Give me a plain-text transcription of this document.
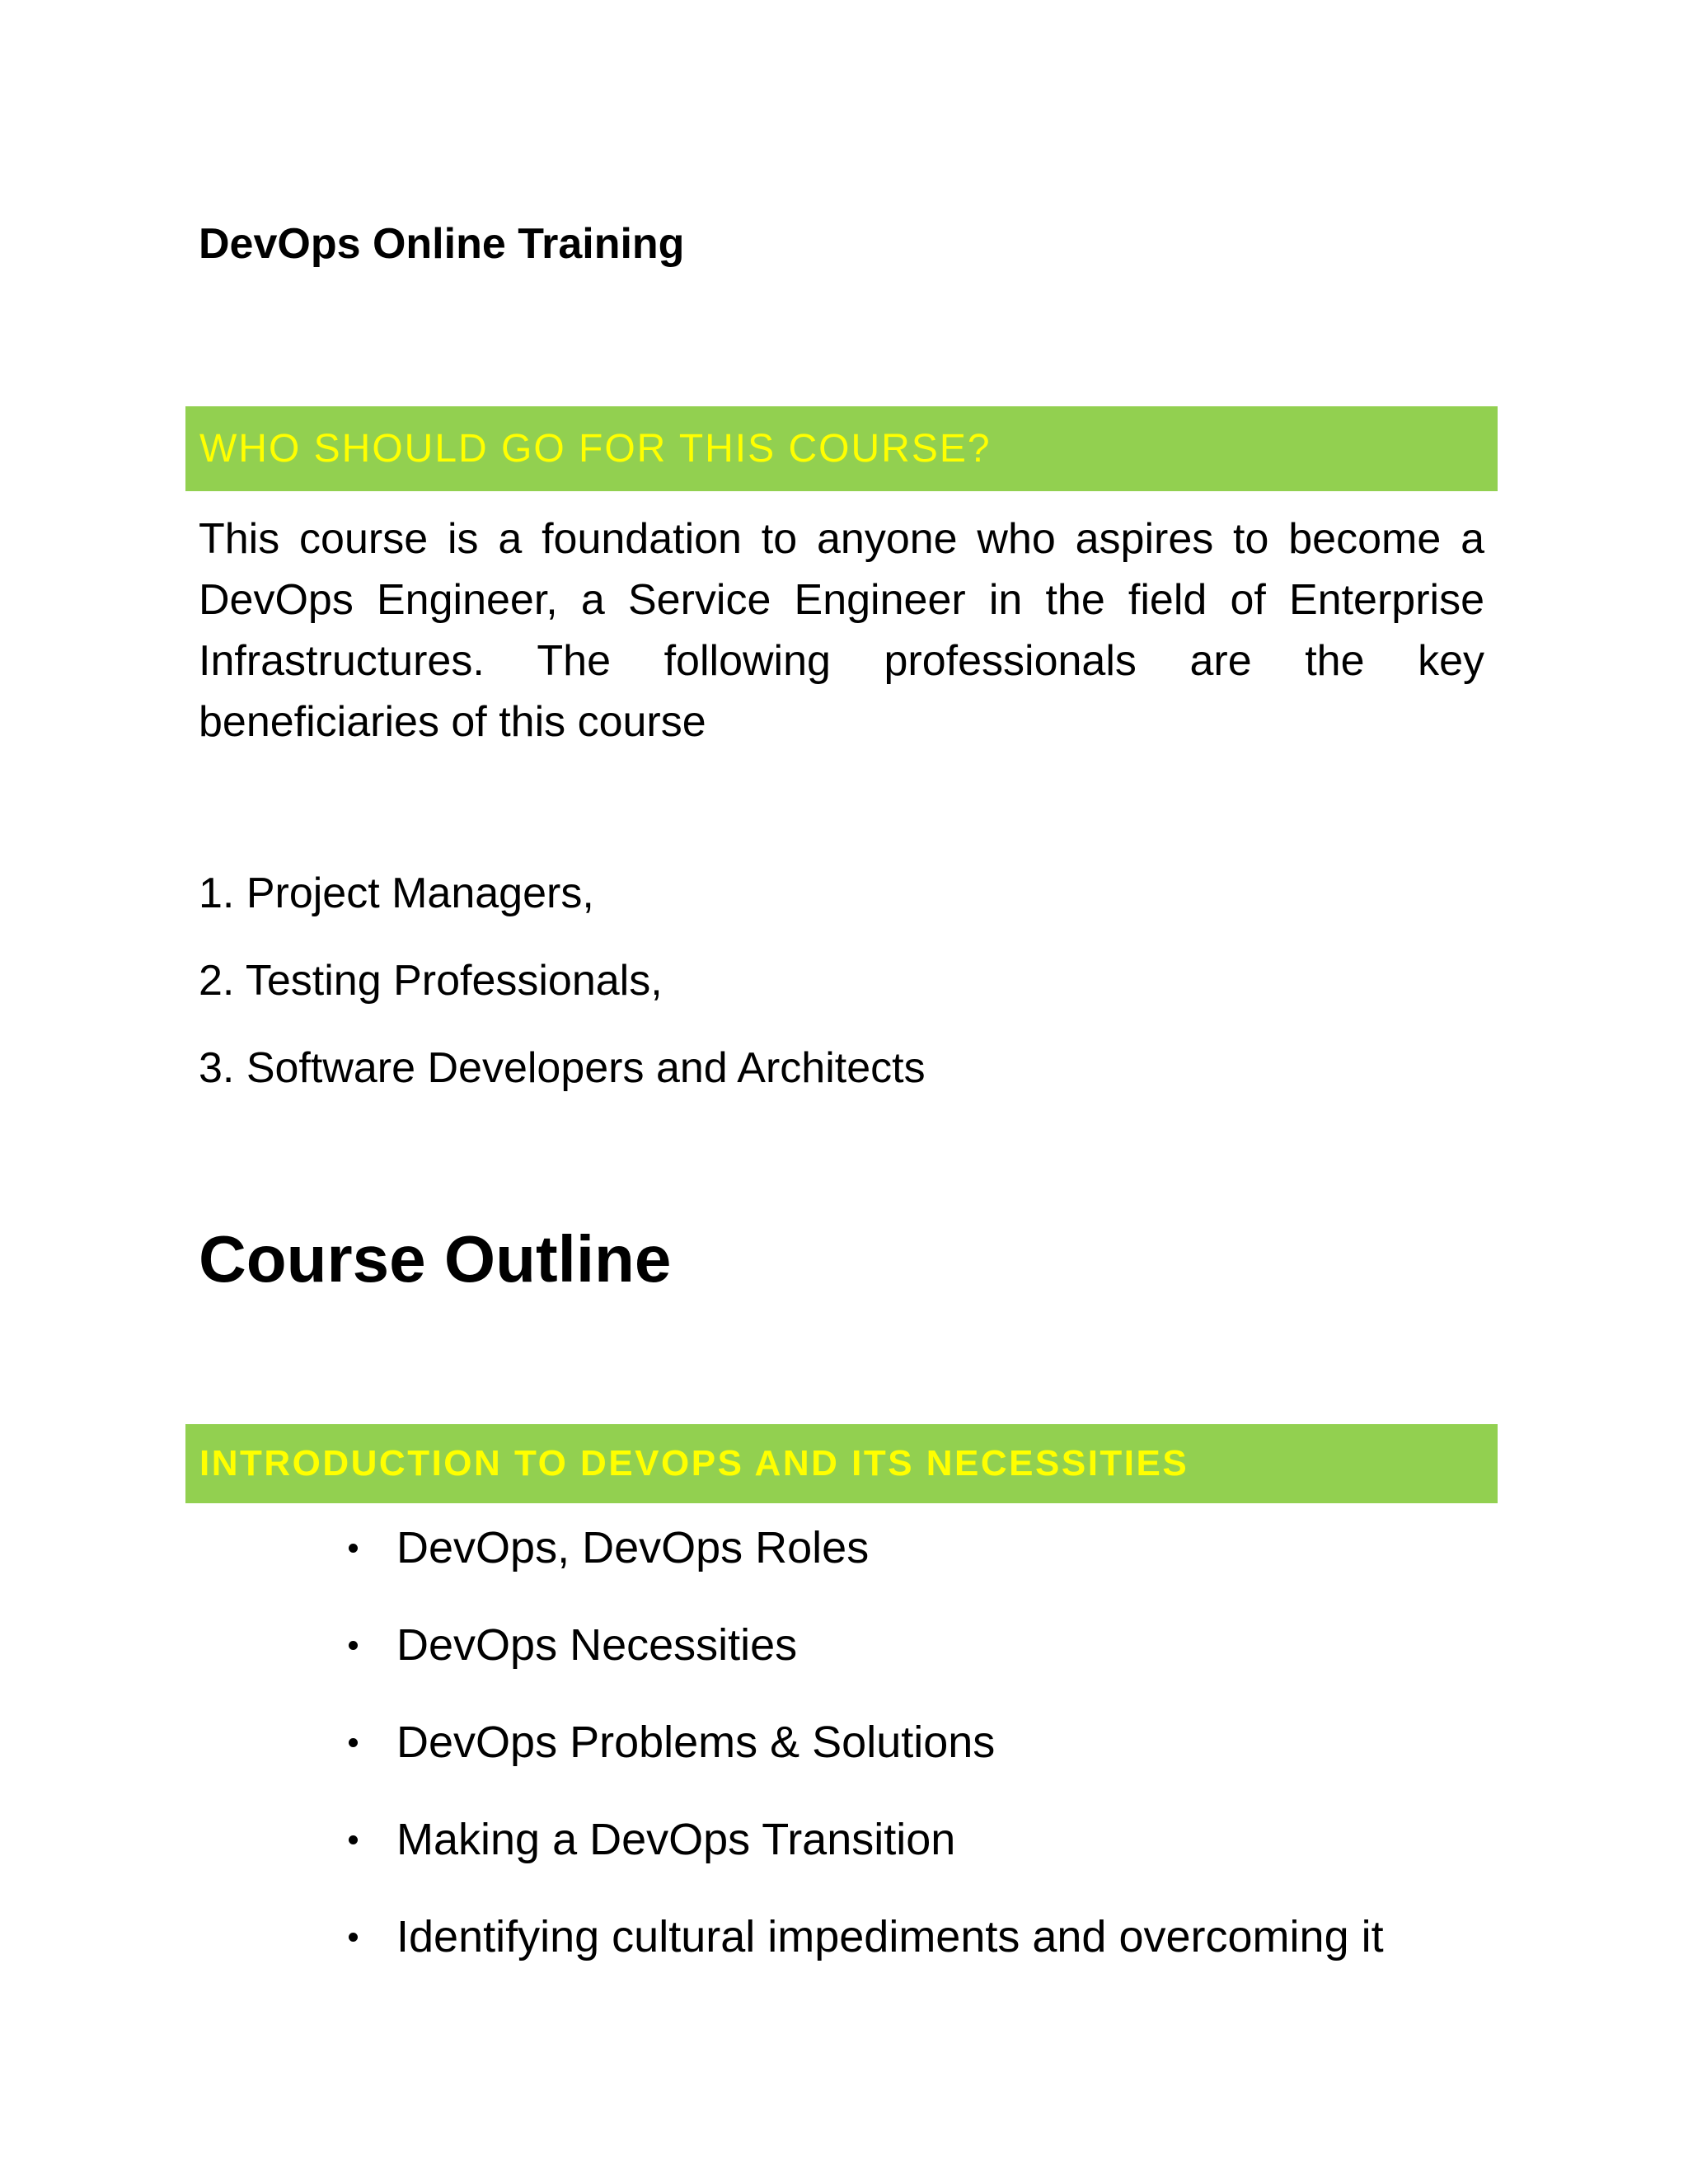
DevOps Online Training
WHO SHOULD GO FOR THIS COURSE?

This course is a foundation to anyone who aspires to become a DevOps Engineer, a Service Engineer in the field of Enterprise Infrastructures. The following professionals are the key beneficiaries of this course

1. Project Managers,
2. Testing Professionals,
3. Software Developers and Architects
Course Outline
INTRODUCTION TO DEVOPS AND ITS NECESSITIES
DevOps, DevOps Roles
DevOps Necessities
DevOps Problems & Solutions
Making a DevOps Transition
Identifying cultural impediments and overcoming it
